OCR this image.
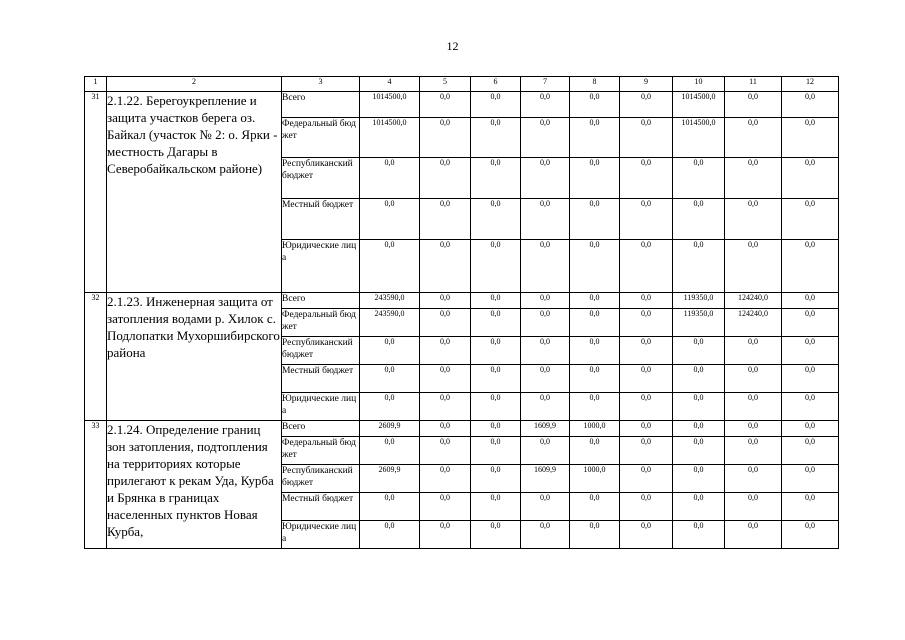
12
1	2	3	4	5	6	7	8	9	10	11	12
31	2.1.22. Берегоукрепление и защита участков берега оз. Байкал (участок № 2: о. Ярки - местность Дагары в Северобайкальском районе)	Всего	1014500,0	0,0	0,0	0,0	0,0	0,0	1014500,0	0,0	0,0
		Федеральный бюджет	1014500,0	0,0	0,0	0,0	0,0	0,0	1014500,0	0,0	0,0
		Республиканский бюджет	0,0	0,0	0,0	0,0	0,0	0,0	0,0	0,0	0,0
		Местный бюджет	0,0	0,0	0,0	0,0	0,0	0,0	0,0	0,0	0,0
		Юридические лица	0,0	0,0	0,0	0,0	0,0	0,0	0,0	0,0	0,0
32	2.1.23. Инженерная защита от затопления водами р. Хилок с. Подлопатки Мухоршибирского района	Всего	243590,0	0,0	0,0	0,0	0,0	0,0	119350,0	124240,0	0,0
		Федеральный бюджет	243590,0	0,0	0,0	0,0	0,0	0,0	119350,0	124240,0	0,0
		Республиканский бюджет	0,0	0,0	0,0	0,0	0,0	0,0	0,0	0,0	0,0
		Местный бюджет	0,0	0,0	0,0	0,0	0,0	0,0	0,0	0,0	0,0
		Юридические лица	0,0	0,0	0,0	0,0	0,0	0,0	0,0	0,0	0,0
33	2.1.24. Определение границ зон затопления, подтопления на территориях которые прилегают к рекам Уда, Курба и Брянка в границах населенных пунктов Новая Курба,	Всего	2609,9	0,0	0,0	1609,9	1000,0	0,0	0,0	0,0	0,0
		Федеральный бюджет	0,0	0,0	0,0	0,0	0,0	0,0	0,0	0,0	0,0
		Республиканский бюджет	2609,9	0,0	0,0	1609,9	1000,0	0,0	0,0	0,0	0,0
		Местный бюджет	0,0	0,0	0,0	0,0	0,0	0,0	0,0	0,0	0,0
		Юридические лица	0,0	0,0	0,0	0,0	0,0	0,0	0,0	0,0	0,0
